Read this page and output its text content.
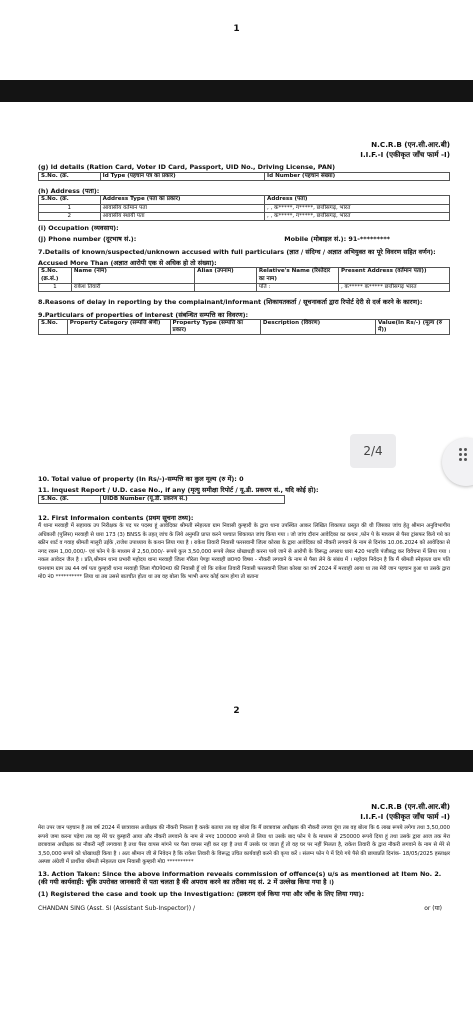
1
N.C.R.B (एन.सी.आर.बी)
I.I.F.-I (एकीकृत जाँच फार्म -I)
(g) Id details (Ration Card, Voter ID Card, Passport, UID No., Driving License, PAN)
S.No. (क्र.	Id Type (पहचान पत्र का प्रकार)	Id Number (पहचान संख्या)
(h) Address (पता):
S.No. (क्र.	Address Type (पता का प्रकार)	Address (पता)
1	आवासीय वर्तमान पता	, , क*****, ग*****, छत्तीसगढ़, भारत
2	आवासीय स्थायी पता	, , क*****, ग*****, छत्तीसगढ़, भारत
(i) Occupation (व्यवसाय):
(j) Phone number (दूरभाष सं.):	Mobile (मोबाइल सं.): 91-*********
7.Details of known/suspected/unknown accused with full particulars (ज्ञात / संदिग्ध / अज्ञात अभियुक्त का पूरे विवरण सहित वर्णन):
Accused More Than (अज्ञात आरोपी एक से अधिक हो तो संख्या):
S.No. (क्र.सं.)	Name (नाम)	Alias (उपनाम)	Relative's Name (रिश्तेदार का नाम)	Present Address (वर्तमान पता))
1	राकेश तिवारी		पति :	, क***** क***** छत्तीसगढ़ भारत
8.Reasons of delay in reporting by the complainant/informant (शिकायतकर्ता / सूचनाकर्ता द्वारा रिपोर्ट देरी से दर्ज करने के कारण):
9.Particulars of properties of interest (संबन्धित सम्पत्ति का विवरण):
S.No.	Property Category (सम्पत्ति श्रेणी)	Property Type (सम्पत्ति का प्रकार)	Description (विवरण)	Value(In Rs/-) (मूल्य (रु में))
2/4
10. Total value of property (In Rs/-)-सम्पत्ति का कुल मूल्य (रु में): 0
11. Inquest Report / U.D. case No., if any (मृत्यु समीक्षा रिपोर्ट / यू.डी. प्रकरण सं., यदि कोई हो):
S.No. (क्र.	UIDB Number (यू.डी. प्रकरण सं.)
12. First Informaion contents (प्रथम सूचना तथ्य):
मैं थाना मरवाही में सहायक उप निरीक्षक के पद पर पदस्थ हूं आवेदिका श्रीमती स्नेहलता ग्राम निवासी कुम्हारी के द्वारा थाना उपस्थित आकर लिखित शिकायत प्रस्तुत की थी जिसका जांच हेतु श्रीमान अनुविभागीय अधिकारी (पुलिस) मरवाही से धारा 173 (3) BNSS के तहत् जांच के लिये अनुमति प्राप्त करने पश्चात शिकायत जांच किया गया । जो जांच दौरान आवेदिका का कथन ,फोन पे के माध्यम से पैसा ट्रांसफर किये गये का स्क्रीन शार्ट व गवाह श्रीमती मालुरी उईके ,राजेश उपाध्याय के कथन लिया गया है । राकेश तिवारी निवासी फरसवानी जिला कोरबा के द्वारा आवेदिका को नौकरी लगवाने के नाम से दिनांक 10.06.2024 को आवेदिका से नगद रकम 1,00,000/- एवं फोन पे के माध्यम से 2,50,000/- रूपये कुल 3,50,000 रूपये लेकर धोखाधड़ी करना पाये जाने से आरोपी के विरूद्ध अपराध धारा 420 भादवि पंजीबद्ध कर विवेचना में लिया गया । नकल आवेदन जैल है । प्रति,श्रीमान थाना प्रभारी महोदय थाना मरवाही जिला गौरेला पेण्ड्रा मरवाही छ0ग0 विषय - नौकरी लगवाने के नाम से पैसा लेने के संबंध में । महोदय निवेदन है कि मैं श्रीमती स्नेहलता ग्राम पति घनश्याम ग्राम उम्र 44 वर्ष पता कुम्हारी थाना मरवाही जिला गौ0पे0म0 की निवासी हूँ जो कि राकेश तिवारी निवासी फरसवानी जिला कोरबा का वर्ष 2024 में मरवाही आया था तब मेरी जान पहचान हुआ था उसके द्वारा मो0 नं0 ********** लिया था तब उससे बातचीत होता था तब वह बोला कि भाभी अगर कोई काम होगा तो बताना
2
N.C.R.B (एन.सी.आर.बी)
I.I.F.-I (एकीकृत जाँच फार्म -I)
मेरा उपर जान पहचान है तब वर्ष 2024 में छात्रावास अधीक्षक की नौकरी निकला है करके बताया तब वह बोला कि मैं छात्रावास अधीक्षक की नौकरी लगवा दूंगा तब वह बोला कि 6 लाख रूपये लगेगा तथा 3,50,000 रूपये जमा करना पड़ेगा तब वह मेरे घर कुम्हारी आया और नौकरी लगवाने के नाम से नगद 100000 रूपये ले लिया था उसके बाद फोन पे के माध्यम से 250000 रूपये दिया हूं तथा उसके द्वारा आज तक मेरा छात्रावास अधीक्षक का नौकरी नहीं लगवाया है तथा पैसा वापस मांगने पर पैसा वापस नहीं कर रहा है तथा मैं उसके घर जाता हूँ तो वह घर पर नहीं मिलता है, राकेश तिवारी के द्वारा नौकरी लगवाने के नाम से मेरे से 3,50,000 रूपये को धोखाधड़ी किया है । अतः श्रीमान जी से निवेदन है कि राकेश तिवारी के विरूद्ध उचित कार्यवाही करने की कृपा करें । संलग्न फोन पे में दिये गये पैसे की छायाप्रति दिनांक- 18/05/2025 हस्ताक्षर अस्पष्ट अंग्रेजी में प्रार्थीया श्रीमती स्नेहलता ग्राम निवासी कुम्हारी मो0 **********
13. Action Taken: Since the above information reveals commission of offence(s) u/s as mentioned at Item No. 2. (की गयी कार्यवाही: चूंकि उपरोक्त जानकारी से पता चलता है की अपराध करने का तरीका मद सं. 2 में उल्लेख किया गया है ।)
(1) Registered the case and took up the Investigation: (प्रकरण दर्ज किया गया और जाँच के लिए लिया गया):
CHANDAN SING (Asst. SI (Assistant Sub-Inspector)) /	or (या)
